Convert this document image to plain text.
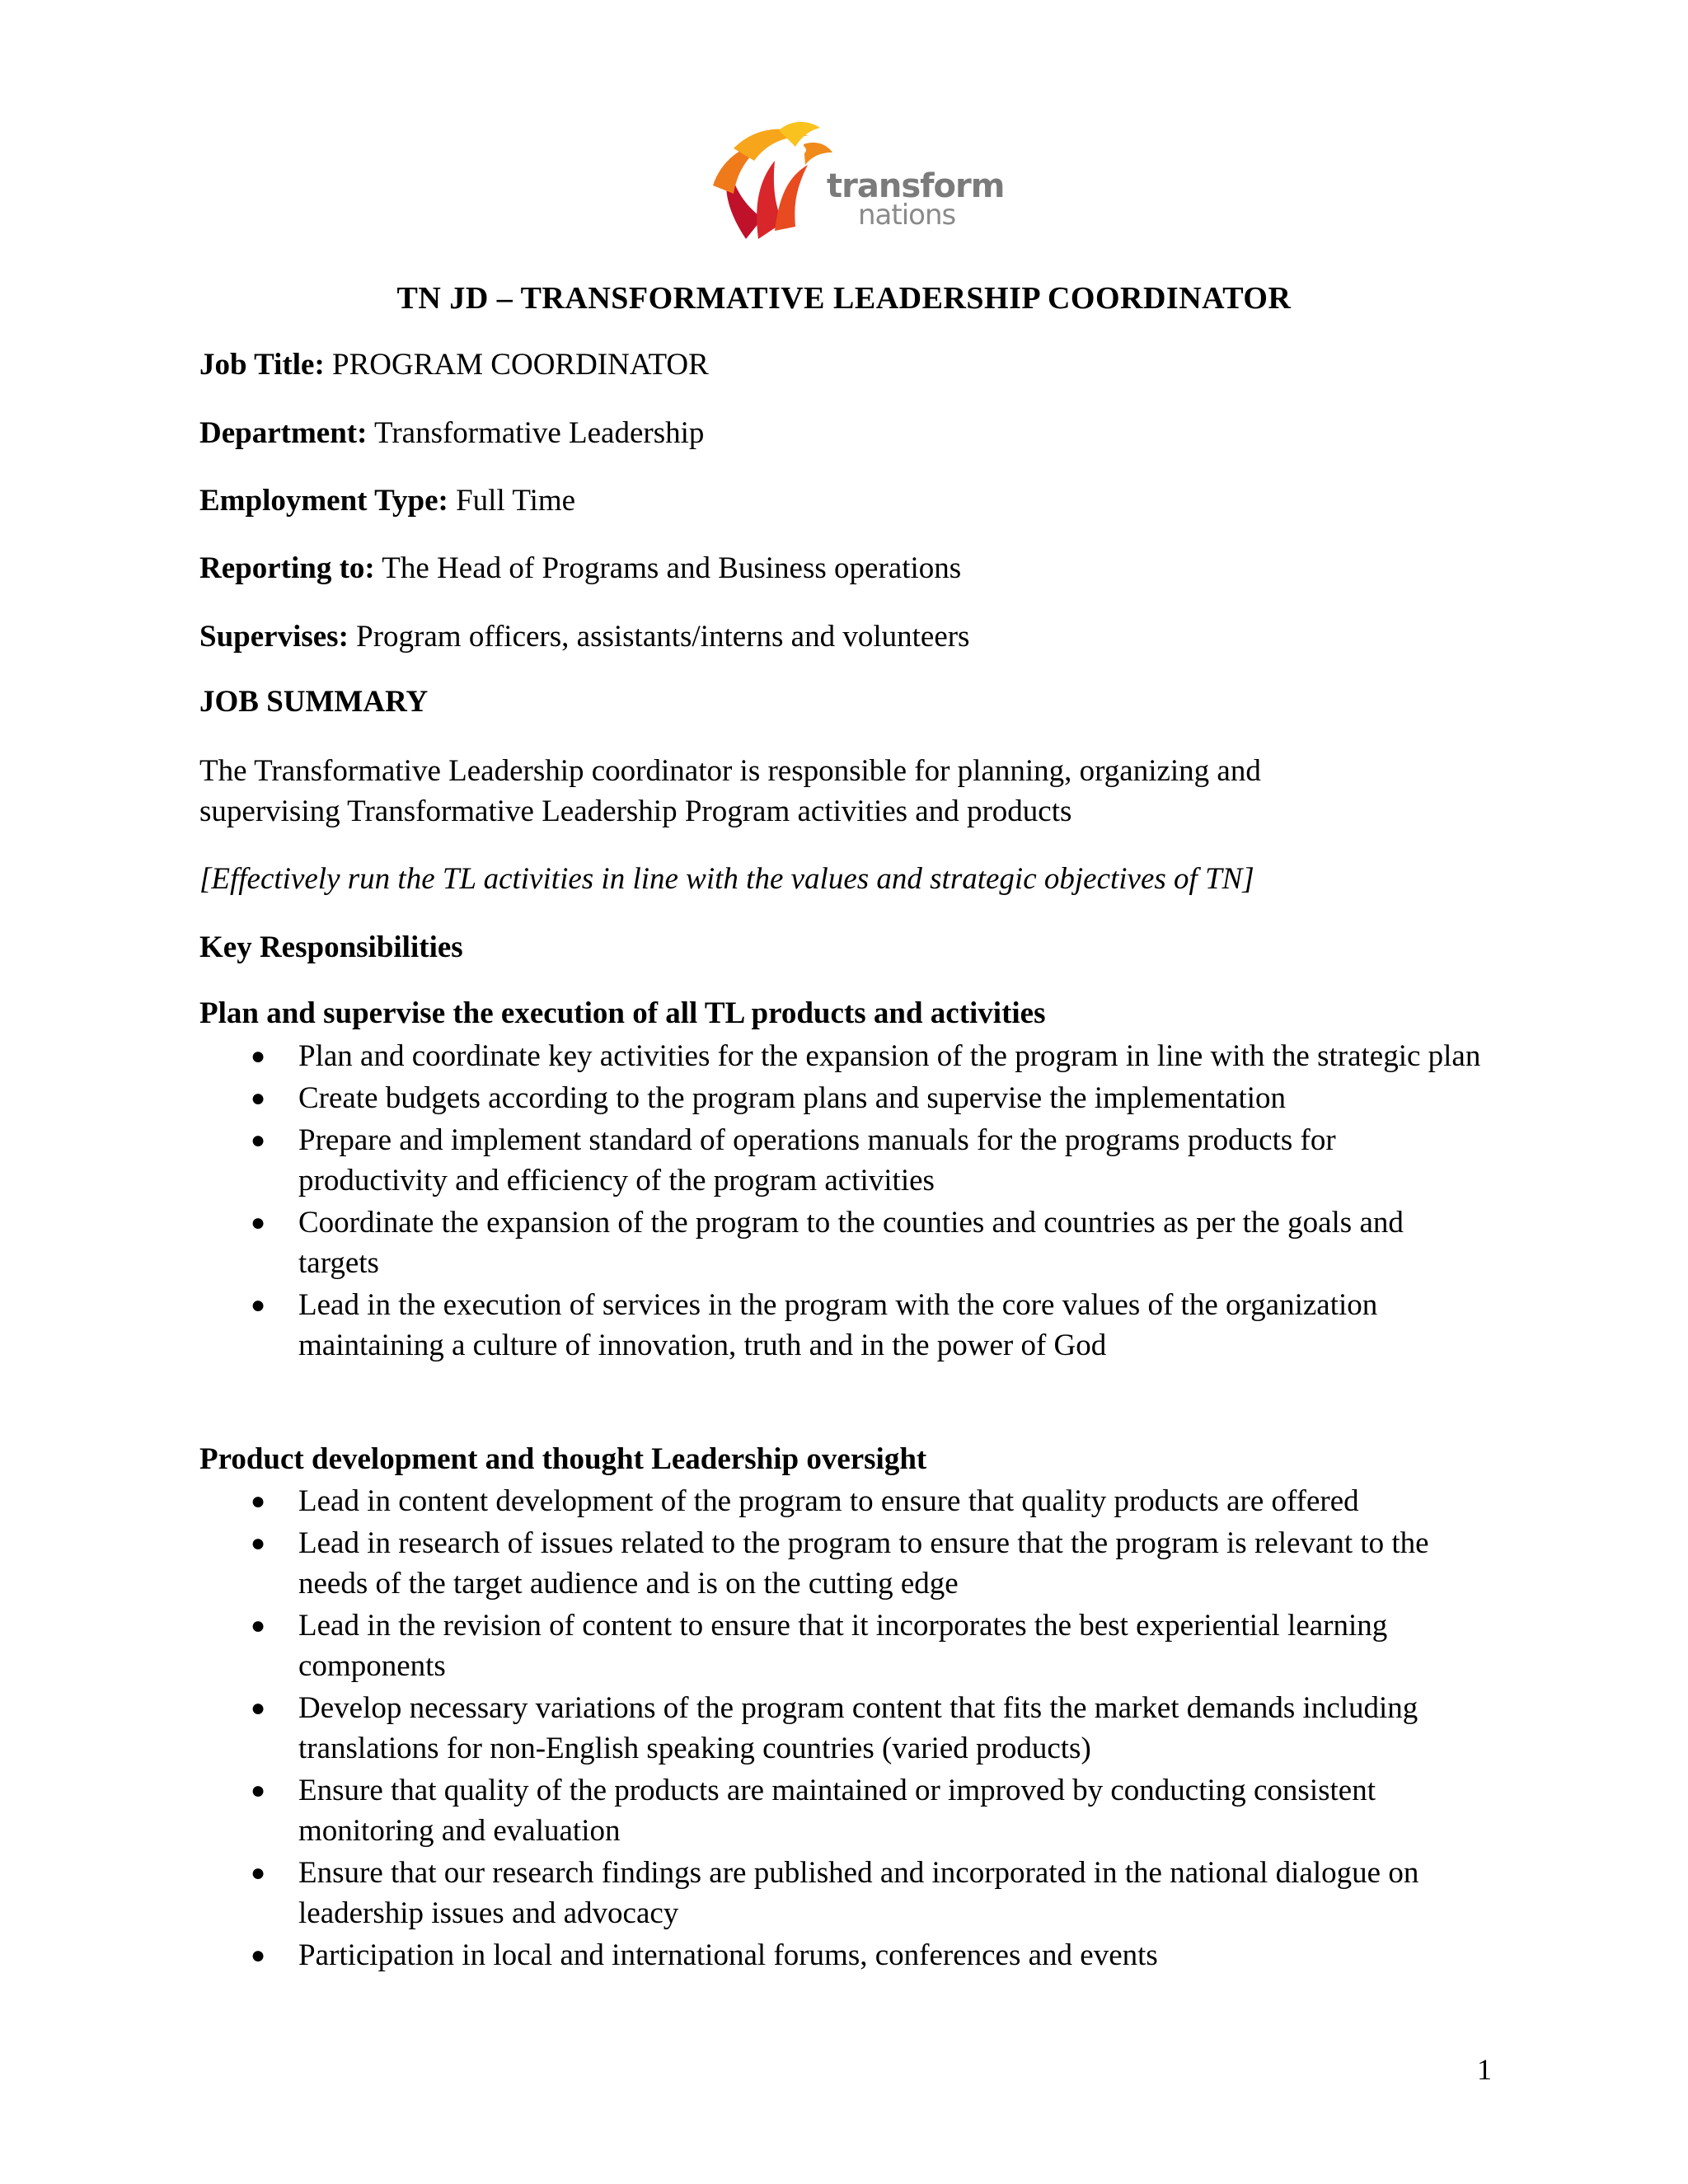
transform
nations
TN JD – TRANSFORMATIVE LEADERSHIP COORDINATOR
Job Title: PROGRAM COORDINATOR
Department: Transformative Leadership
Employment Type: Full Time
Reporting to: The Head of Programs and Business operations
Supervises: Program officers, assistants/interns and volunteers
JOB SUMMARY
The Transformative Leadership coordinator is responsible for planning, organizing and
supervising Transformative Leadership Program activities and products
[Effectively run the TL activities in line with the values and strategic objectives of TN]
Key Responsibilities
Plan and supervise the execution of all TL products and activities
● Plan and coordinate key activities for the expansion of the program in line with the strategic plan
● Create budgets according to the program plans and supervise the implementation
● Prepare and implement standard of operations manuals for the programs products for productivity and efficiency of the program activities
● Coordinate the expansion of the program to the counties and countries as per the goals and targets
● Lead in the execution of services in the program with the core values of the organization maintaining a culture of innovation, truth and in the power of God
Product development and thought Leadership oversight
● Lead in content development of the program to ensure that quality products are offered
● Lead in research of issues related to the program to ensure that the program is relevant to the needs of the target audience and is on the cutting edge
● Lead in the revision of content to ensure that it incorporates the best experiential learning components
● Develop necessary variations of the program content that fits the market demands including translations for non-English speaking countries (varied products)
● Ensure that quality of the products are maintained or improved by conducting consistent monitoring and evaluation
● Ensure that our research findings are published and incorporated in the national dialogue on leadership issues and advocacy
● Participation in local and international forums, conferences and events
1
